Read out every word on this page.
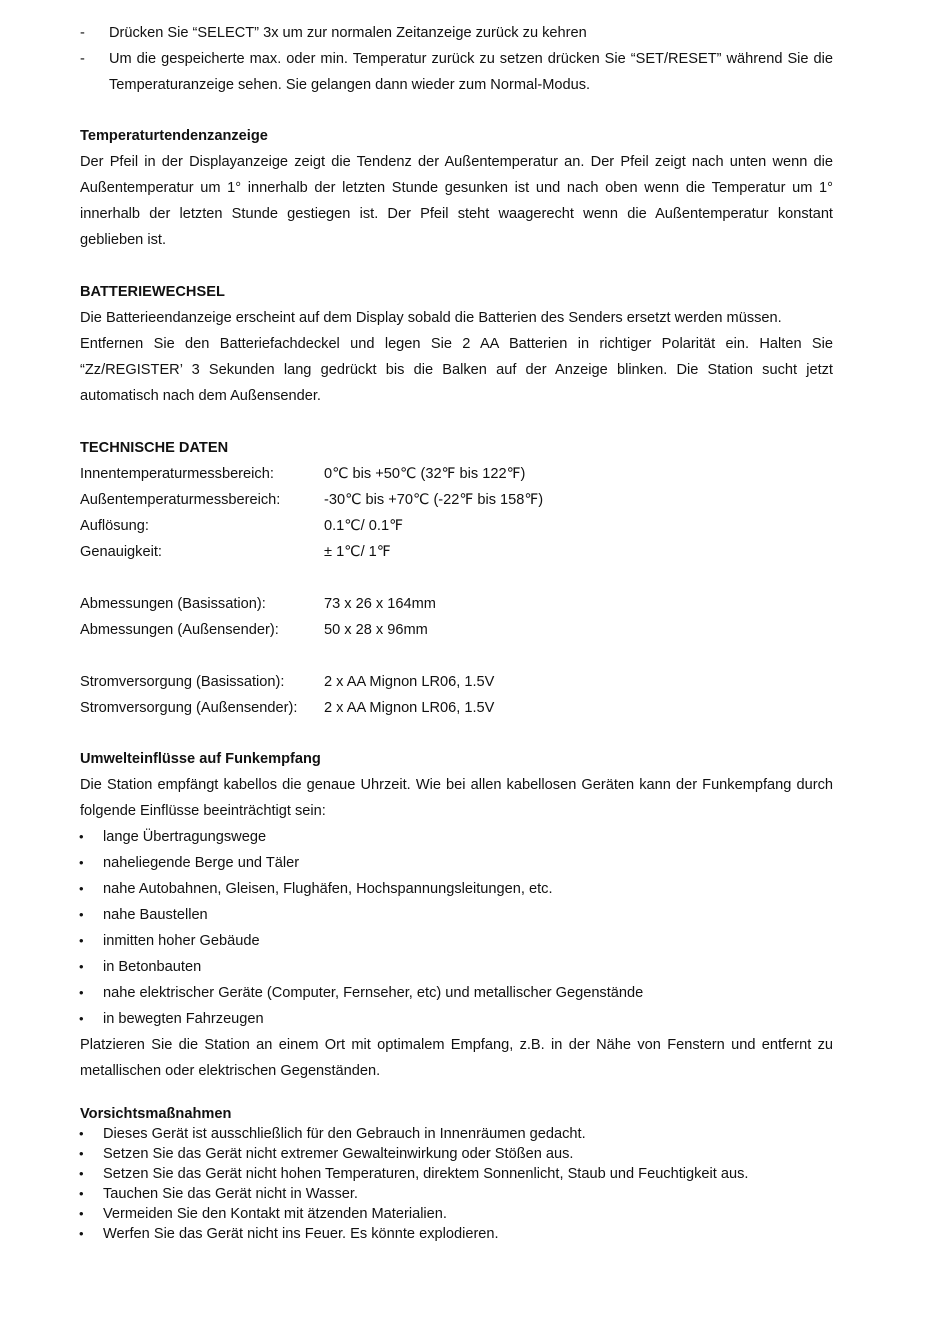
- Drücken Sie “SELECT” 3x um zur normalen Zeitanzeige zurück zu kehren
- Um die gespeicherte max. oder min. Temperatur zurück zu setzen drücken Sie “SET/RESET” während Sie die
Temperaturanzeige sehen. Sie gelangen dann wieder zum Normal-Modus.
Temperaturtendenzanzeige
Der Pfeil in der Displayanzeige zeigt die Tendenz der Außentemperatur an. Der Pfeil zeigt nach unten wenn die
Außentemperatur um 1° innerhalb der letzten Stunde gesunken ist und nach oben wenn die Temperatur um 1°
innerhalb der letzten Stunde gestiegen ist. Der Pfeil steht waagerecht wenn die Außentemperatur konstant
geblieben ist.
BATTERIEWECHSEL
Die Batterieendanzeige erscheint auf dem Display sobald die Batterien des Senders ersetzt werden müssen.
Entfernen Sie den Batteriefachdeckel und legen Sie 2 AA Batterien in richtiger Polarität ein. Halten Sie
“Zz/REGISTER’ 3 Sekunden lang gedrückt bis die Balken auf der Anzeige blinken. Die Station sucht jetzt
automatisch nach dem Außensender.
TECHNISCHE DATEN
Innentemperaturmessbereich:	0℃ bis +50℃ (32℉ bis 122℉)
Außentemperaturmessbereich:	-30℃ bis +70℃ (-22℉ bis 158℉)
Auflösung:	0.1℃/ 0.1℉
Genauigkeit:	± 1℃/ 1℉
Abmessungen (Basissation):	73 x 26 x 164mm
Abmessungen (Außensender):	50 x 28 x 96mm
Stromversorgung (Basissation):	2 x AA Mignon LR06, 1.5V
Stromversorgung (Außensender): 2 x AA Mignon LR06, 1.5V
Umwelteinflüsse auf Funkempfang
Die Station empfängt kabellos die genaue Uhrzeit. Wie bei allen kabellosen Geräten kann der Funkempfang durch
folgende Einflüsse beeinträchtigt sein:
• lange Übertragungswege
• naheliegende Berge und Täler
• nahe Autobahnen, Gleisen, Flughäfen, Hochspannungsleitungen, etc.
• nahe Baustellen
• inmitten hoher Gebäude
• in Betonbauten
• nahe elektrischer Geräte (Computer, Fernseher, etc) und metallischer Gegenstände
• in bewegten Fahrzeugen
Platzieren Sie die Station an einem Ort mit optimalem Empfang, z.B. in der Nähe von Fenstern und entfernt zu
metallischen oder elektrischen Gegenständen.
Vorsichtsmaßnahmen
• Dieses Gerät ist ausschließlich für den Gebrauch in Innenräumen gedacht.
• Setzen Sie das Gerät nicht extremer Gewalteinwirkung oder Stößen aus.
• Setzen Sie das Gerät nicht hohen Temperaturen, direktem Sonnenlicht, Staub und Feuchtigkeit aus.
• Tauchen Sie das Gerät nicht in Wasser.
• Vermeiden Sie den Kontakt mit ätzenden Materialien.
• Werfen Sie das Gerät nicht ins Feuer. Es könnte explodieren.
